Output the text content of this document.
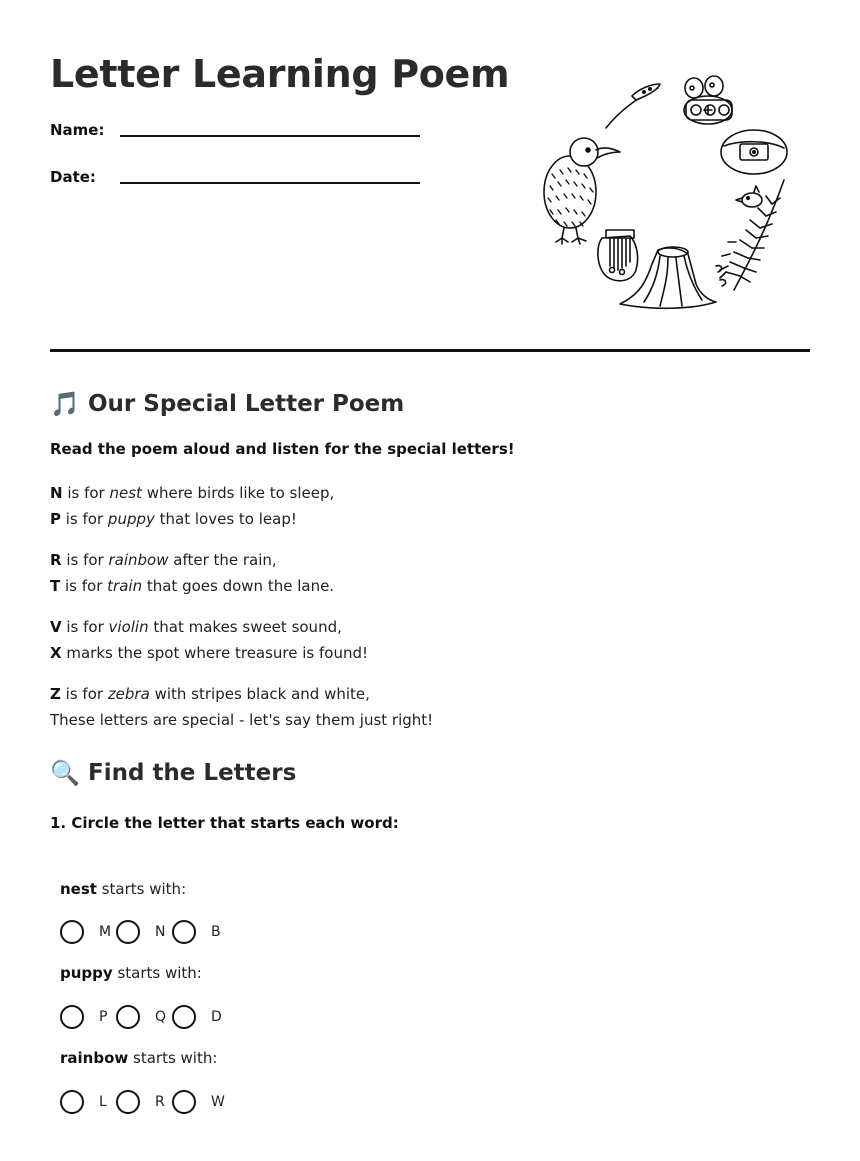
Letter Learning Poem
Name:
Date:
🎵 Our Special Letter Poem
Read the poem aloud and listen for the special letters!
N is for nest where birds like to sleep,
P is for puppy that loves to leap!
R is for rainbow after the rain,
T is for train that goes down the lane.
V is for violin that makes sweet sound,
X marks the spot where treasure is found!
Z is for zebra with stripes black and white,
These letters are special - let's say them just right!
🔍 Find the Letters
1. Circle the letter that starts each word:
nest starts with:
M	N	B
puppy starts with:
P	Q	D
rainbow starts with:
L	R	W
